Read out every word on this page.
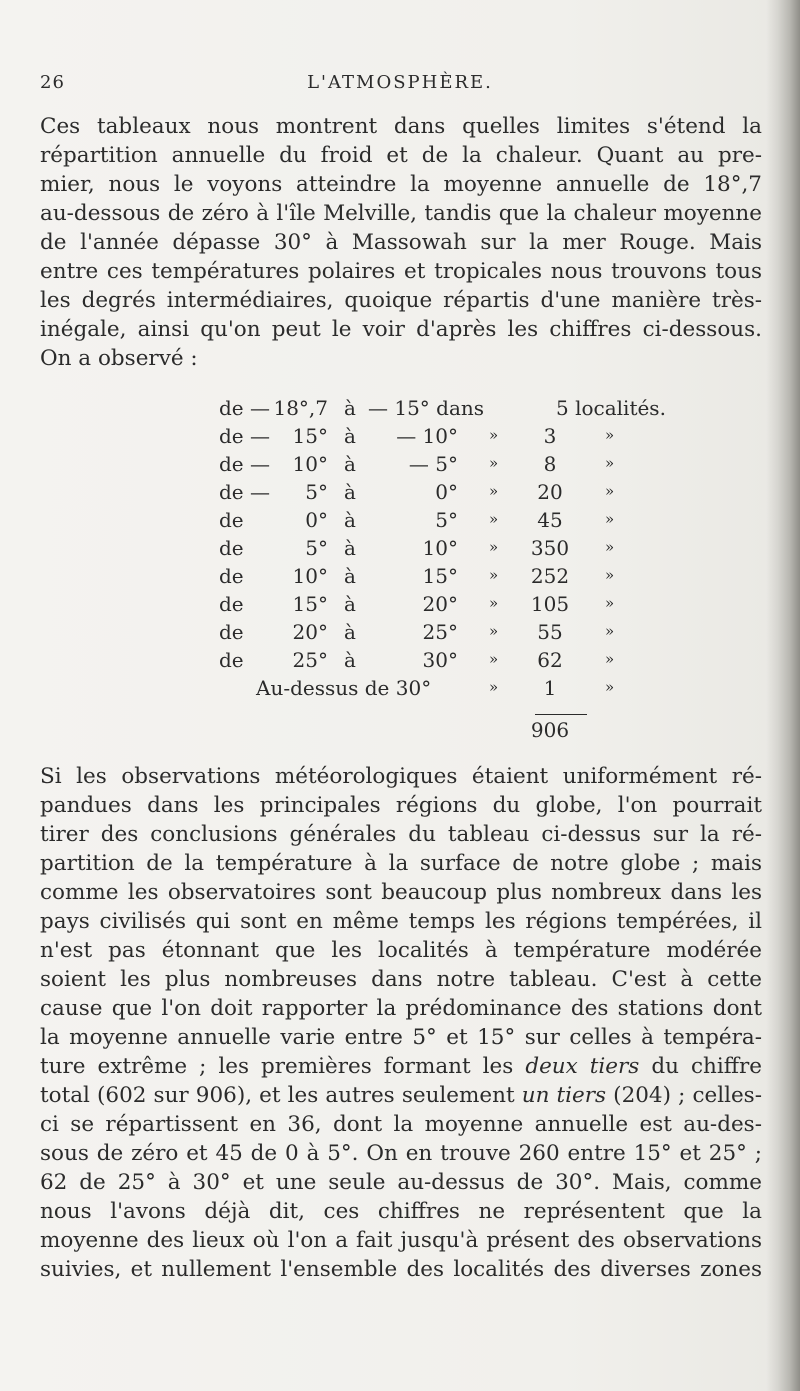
26	L'ATMOSPHÈRE.

Ces tableaux nous montrent dans quelles limites s'étend la
répartition annuelle du froid et de la chaleur. Quant au pre-
mier, nous le voyons atteindre la moyenne annuelle de 18°,7
au-dessous de zéro à l'île Melville, tandis que la chaleur moyenne
de l'année dépasse 30° à Massowah sur la mer Rouge. Mais
entre ces températures polaires et tropicales nous trouvons tous
les degrés intermédiaires, quoique répartis d'une manière très-
inégale, ainsi qu'on peut le voir d'après les chiffres ci-dessous.
On a observé :

de — 18°,7 à — 15° dans	5 localités.
de —	15° à	— 10° »	3	»
de —	10° à	— 5° »	8	»
de —	5° à	0° »	20	»
de	0° à	5° »	45	»
de	5° à	10° »	350	»
de	10° à	15° »	252	»
de	15° à	20° »	105	»
de	20° à	25° »	55	»
de	25° à	30° »	62	»
Au-dessus de 30°	»	1	»
906

Si les observations météorologiques étaient uniformément ré-
pandues dans les principales régions du globe, l'on pourrait
tirer des conclusions générales du tableau ci-dessus sur la ré-
partition de la température à la surface de notre globe ; mais
comme les observatoires sont beaucoup plus nombreux dans les
pays civilisés qui sont en même temps les régions tempérées, il
n'est pas étonnant que les localités à température modérée
soient les plus nombreuses dans notre tableau. C'est à cette
cause que l'on doit rapporter la prédominance des stations dont
la moyenne annuelle varie entre 5° et 15° sur celles à tempéra-
ture extrême ; les premières formant les deux tiers du chiffre
total (602 sur 906), et les autres seulement un tiers (204) ; celles-
ci se répartissent en 36, dont la moyenne annuelle est au-des-
sous de zéro et 45 de 0 à 5°. On en trouve 260 entre 15° et 25° ;
62 de 25° à 30° et une seule au-dessus de 30°. Mais, comme
nous l'avons déjà dit, ces chiffres ne représentent que la
moyenne des lieux où l'on a fait jusqu'à présent des observations
suivies, et nullement l'ensemble des localités des diverses zones
